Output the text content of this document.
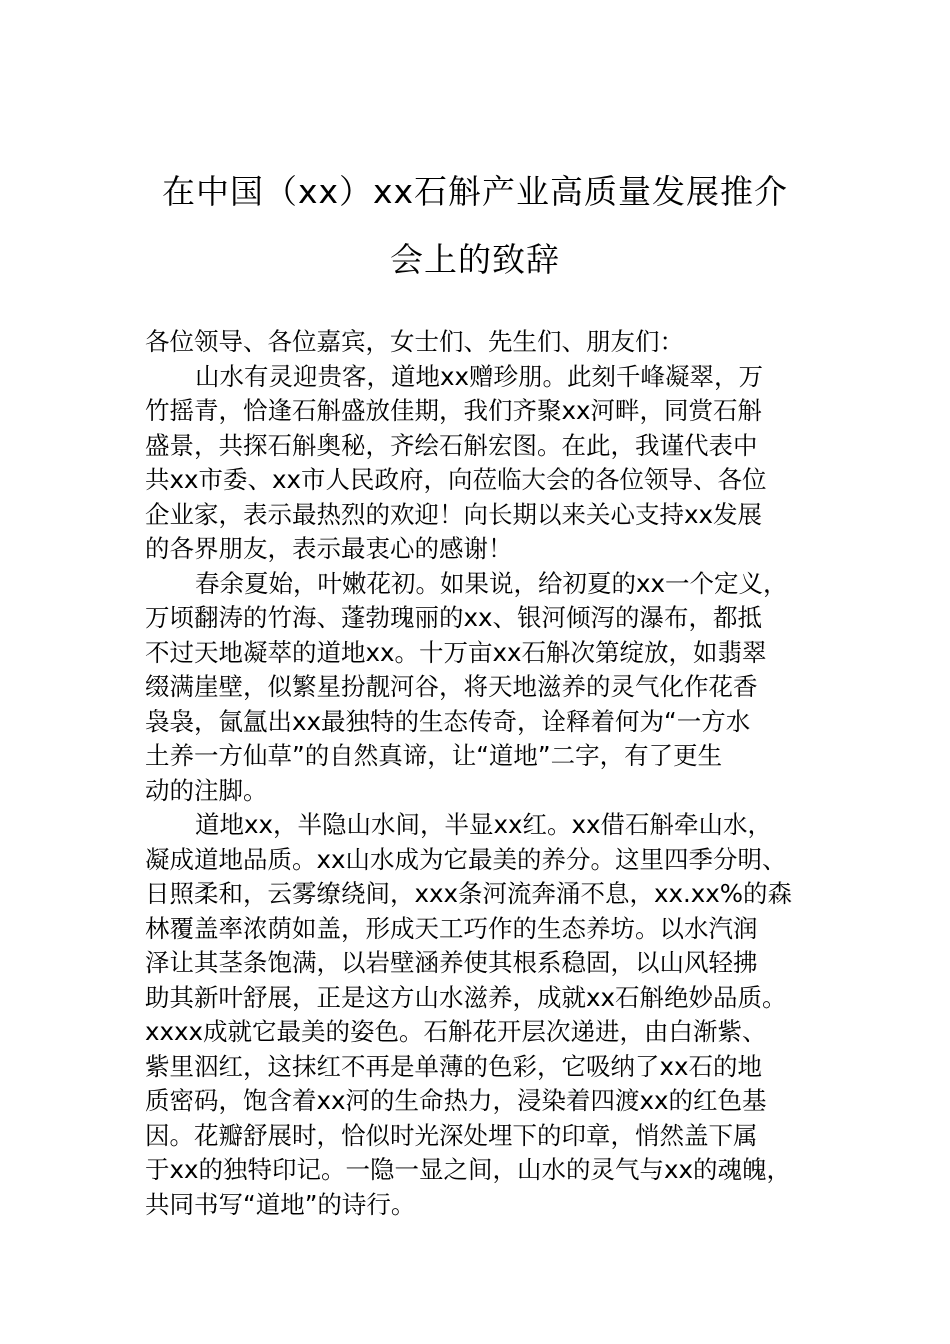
在中国（xx）xx石斛产业高质量发展推介
会上的致辞
各位领导、各位嘉宾，女士们、先生们、朋友们：
山水有灵迎贵客，道地xx赠珍朋。此刻千峰凝翠，万
竹摇青，恰逢石斛盛放佳期，我们齐聚xx河畔，同赏石斛
盛景，共探石斛奥秘，齐绘石斛宏图。在此，我谨代表中
共xx市委、xx市人民政府，向莅临大会的各位领导、各位
企业家，表示最热烈的欢迎！向长期以来关心支持xx发展
的各界朋友，表示最衷心的感谢！
春余夏始，叶嫩花初。如果说，给初夏的xx一个定义，
万顷翻涛的竹海、蓬勃瑰丽的xx、银河倾泻的瀑布，都抵
不过天地凝萃的道地xx。十万亩xx石斛次第绽放，如翡翠
缀满崖壁，似繁星扮靓河谷，将天地滋养的灵气化作花香
袅袅，氤氲出xx最独特的生态传奇，诠释着何为“一方水
土养一方仙草”的自然真谛，让“道地”二字，有了更生
动的注脚。
道地xx，半隐山水间，半显xx红。xx借石斛牵山水，
凝成道地品质。xx山水成为它最美的养分。这里四季分明、
日照柔和，云雾缭绕间，xxx条河流奔涌不息，xx.xx%的森
林覆盖率浓荫如盖，形成天工巧作的生态养坊。以水汽润
泽让其茎条饱满，以岩壁涵养使其根系稳固，以山风轻拂
助其新叶舒展，正是这方山水滋养，成就xx石斛绝妙品质。
xxxx成就它最美的姿色。石斛花开层次递进，由白渐紫、
紫里泅红，这抹红不再是单薄的色彩，它吸纳了xx石的地
质密码，饱含着xx河的生命热力，浸染着四渡xx的红色基
因。花瓣舒展时，恰似时光深处埋下的印章，悄然盖下属
于xx的独特印记。一隐一显之间，山水的灵气与xx的魂魄，
共同书写“道地”的诗行。
